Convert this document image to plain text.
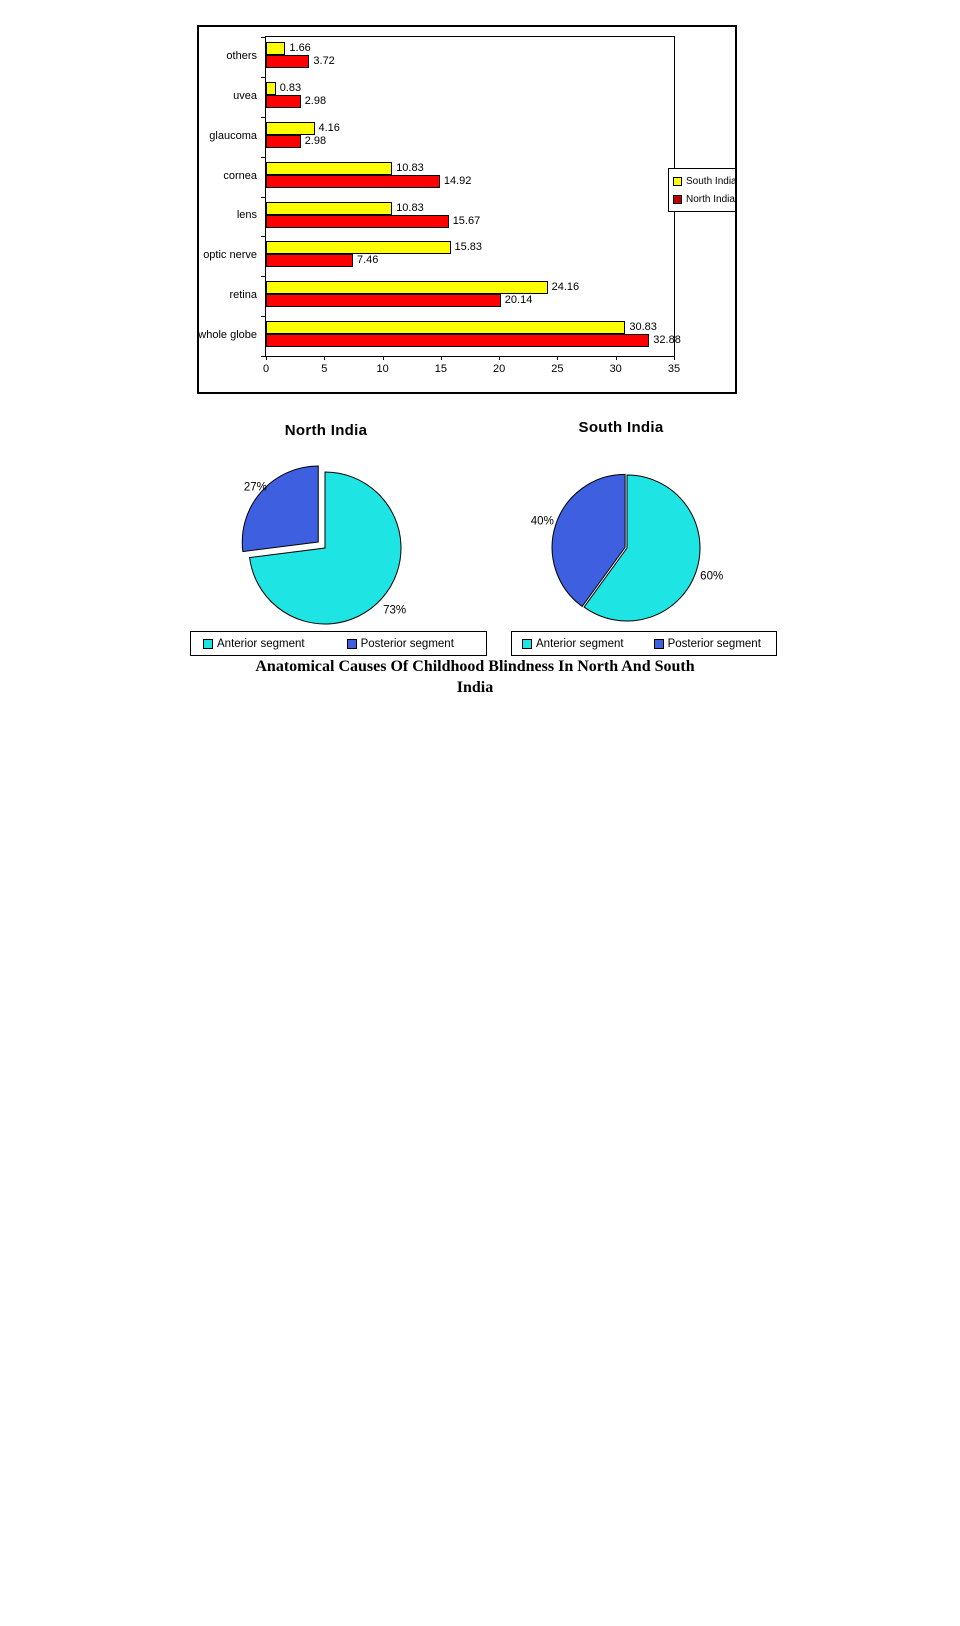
1.66
3.72
0.83
2.98
4.16
2.98
10.83
14.92
10.83
15.67
15.83
7.46
24.16
20.14
30.83
32.88
0	5	10	15	20	25	30	35
South India
North India
others
uvea
glaucoma
cornea
lens
optic nerve
retina
whole globe
North India
73%
27%
Anterior segment	Posterior segment
South India
60%
40%
Anterior segment	Posterior segment
Anatomical Causes Of Childhood Blindness In North And South
India
